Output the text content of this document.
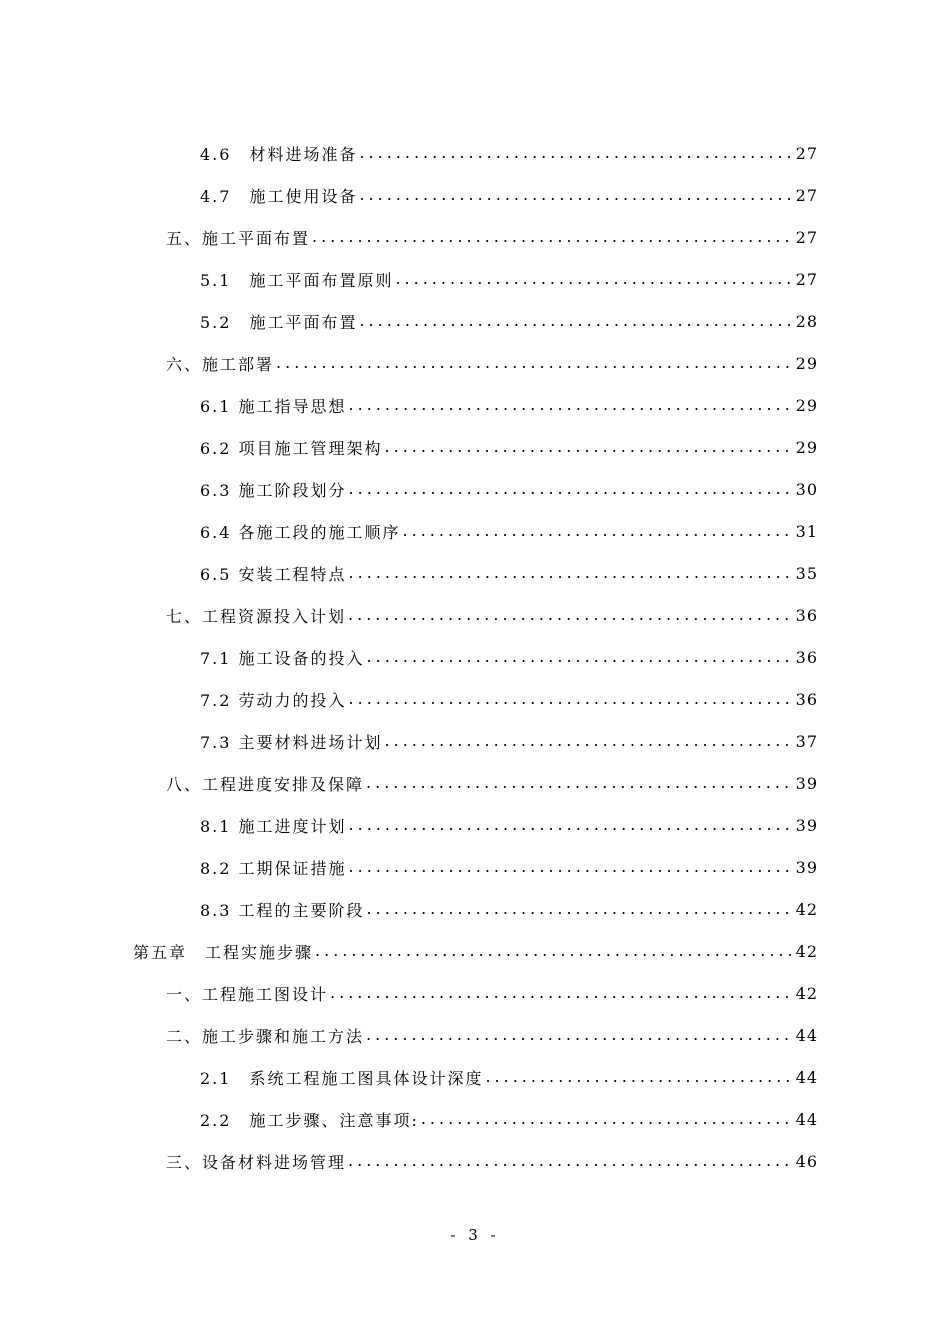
4.6　材料进场准备 .....	27
4.7　施工使用设备 .....	27
五、施工平面布置 .....	27
5.1　施工平面布置原则 .....	27
5.2　施工平面布置 .....	28
六、施工部署 .....	29
6.1 施工指导思想 .....	29
6.2 项目施工管理架构 .....	29
6.3 施工阶段划分 .....	30
6.4 各施工段的施工顺序 .....	31
6.5 安装工程特点 .....	35
七、工程资源投入计划 .....	36
7.1 施工设备的投入 .....	36
7.2 劳动力的投入 .....	36
7.3 主要材料进场计划 .....	37
八、工程进度安排及保障 .....	39
8.1 施工进度计划 .....	39
8.2 工期保证措施 .....	39
8.3 工程的主要阶段 .....	42
第五章　工程实施步骤 .....	42
一、工程施工图设计 .....	42
二、施工步骤和施工方法 .....	44
2.1　系统工程施工图具体设计深度 .....	44
2.2　施工步骤、注意事项: .....	44
三、设备材料进场管理 .....	46
- 3 -
